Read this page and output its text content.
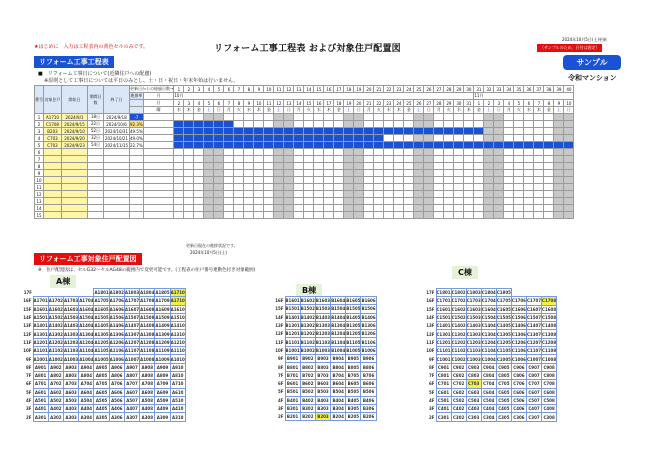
★はじめに　入力は工程表内の黄色セルのみです。	リフォーム工事工程表 および対象住戸配置図
2024年10月5日(土)更新
（サンプルのため、日付は固定）
サンプル
令和マンション
リフォーム工事工程表
■　リフォーム工事日について(近隣住戸への配慮)
※原則として工事日については平日のみとし、土・日・祝日・年末年始は行いません。
番号	対象住戸	開始日	期間日数	終了日	更新日からの経過日数→		1	2	3	4	5	6	7	8	9	10	11	12	13	14	15	16	17	18	19	20	21	22	23	24	25	26	27	28	29	30	31	32	33	34	35	36	37	38	39	40
					進捗率	月	10月																														11月									
					-7	日	2	3	4	5	6	7	8	9	10	11	12	13	14	15	16	17	18	19	20	21	22	23	24	25	26	27	28	29	30	31	1	2	3	4	5	6	7	8	9	10
						曜	水	木	金	土	日	月	火	水	木	金	土	日	月	火	水	木	金	土	日	月	火	水	木	金	土	日	月	火	水	木	金	土	日	月	火	水	木	金	土	日
1	A1710	2024/9/1	18日	2024/9/18	-7																																									
2	C1708	2024/9/15	22日	2024/10/6	92.3%																																									
3	B203	2024/9/10	52日	2024/10/31	49.5%																																									
4	C703	2024/9/20	32日	2024/10/21	49.0%																																									
5	C703	2024/9/23	54日	2024/11/15	22.7%																																									
6																																														
7																																														
8																																														
9																																														
10																																														
11																																														
12																																														
13																																														
14																																														
15																																														
更新日現在の進捗状況です。
2024年10月5日(土)
リフォーム工事対象住戸配置図
※　住戸配置図は、セルG32～セルAG48の範囲内で変更可能です。(工程表の住戸番号連動色付き対象範囲)
A棟
B棟
C棟
17F					A1801	A1802	A1803	A1804	A1805	A1710
16F	A1701	A1702	A1703	A1704	A1705	A1706	A1707	A1708	A1709	A1710
15F	A1601	A1602	A1603	A1604	A1605	A1606	A1607	A1608	A1609	A1610
14F	A1501	A1502	A1503	A1504	A1505	A1506	A1507	A1508	A1509	A1510
13F	A1401	A1402	A1403	A1404	A1405	A1406	A1407	A1408	A1409	A1410
12F	A1301	A1302	A1303	A1304	A1305	A1306	A1307	A1308	A1309	A1310
11F	A1201	A1202	A1203	A1204	A1205	A1206	A1207	A1208	A1209	A1210
10F	A1101	A1102	A1103	A1104	A1105	A1106	A1107	A1108	A1109	A1110
9F	A1001	A1002	A1003	A1004	A1005	A1006	A1007	A1008	A1009	A1010
8F	A901	A902	A903	A904	A905	A906	A907	A908	A909	A910
7F	A801	A802	A803	A804	A805	A806	A807	A808	A809	A810
6F	A701	A702	A703	A704	A705	A706	A707	A708	A709	A710
5F	A601	A602	A603	A604	A605	A606	A607	A608	A609	A610
4F	A501	A502	A503	A504	A505	A506	A507	A508	A509	A510
3F	A401	A402	A403	A404	A405	A406	A407	A408	A409	A410
2F	A301	A302	A303	A304	A305	A306	A307	A308	A309	A310
16F	B1601	B1602	B1603	B1604	B1605	B1606
15F	B1501	B1502	B1503	B1504	B1505	B1506
14F	B1401	B1402	B1403	B1404	B1405	B1406
13F	B1301	B1302	B1303	B1304	B1305	B1306
12F	B1201	B1202	B1203	B1204	B1205	B1206
11F	B1101	B1102	B1103	B1104	B1105	B1106
10F	B1001	B1002	B1003	B1004	B1005	B1006
9F	B901	B902	B903	B904	B905	B906
8F	B801	B802	B803	B804	B805	B806
7F	B701	B702	B703	B704	B705	B706
6F	B601	B602	B603	B604	B605	B606
5F	B501	B502	B503	B504	B505	B506
4F	B401	B402	B403	B404	B405	B406
3F	B301	B302	B303	B304	B305	B306
2F	B201	B202	B203	B204	B205	B206
17F	C1801	C1802	C1803	C1804	C1805			
16F	C1701	C1702	C1703	C1704	C1705	C1706	C1707	C1708
15F	C1601	C1602	C1603	C1604	C1605	C1606	C1607	C1608
14F	C1501	C1502	C1503	C1504	C1505	C1506	C1507	C1508
13F	C1401	C1402	C1403	C1404	C1405	C1406	C1407	C1408
12F	C1301	C1302	C1303	C1304	C1305	C1306	C1307	C1308
11F	C1201	C1202	C1203	C1204	C1205	C1206	C1207	C1208
10F	C1101	C1102	C1103	C1104	C1105	C1106	C1107	C1108
9F	C1001	C1002	C1003	C1004	C1005	C1006	C1007	C1008
8F	C901	C902	C903	C904	C905	C906	C907	C908
7F	C801	C802	C803	C804	C805	C806	C807	C808
6F	C701	C702	C703	C704	C705	C706	C707	C708
5F	C601	C602	C603	C604	C605	C606	C607	C608
4F	C501	C502	C503	C504	C505	C506	C507	C508
3F	C401	C402	C403	C404	C405	C406	C407	C408
2F	C301	C302	C303	C304	C305	C306	C307	C308
